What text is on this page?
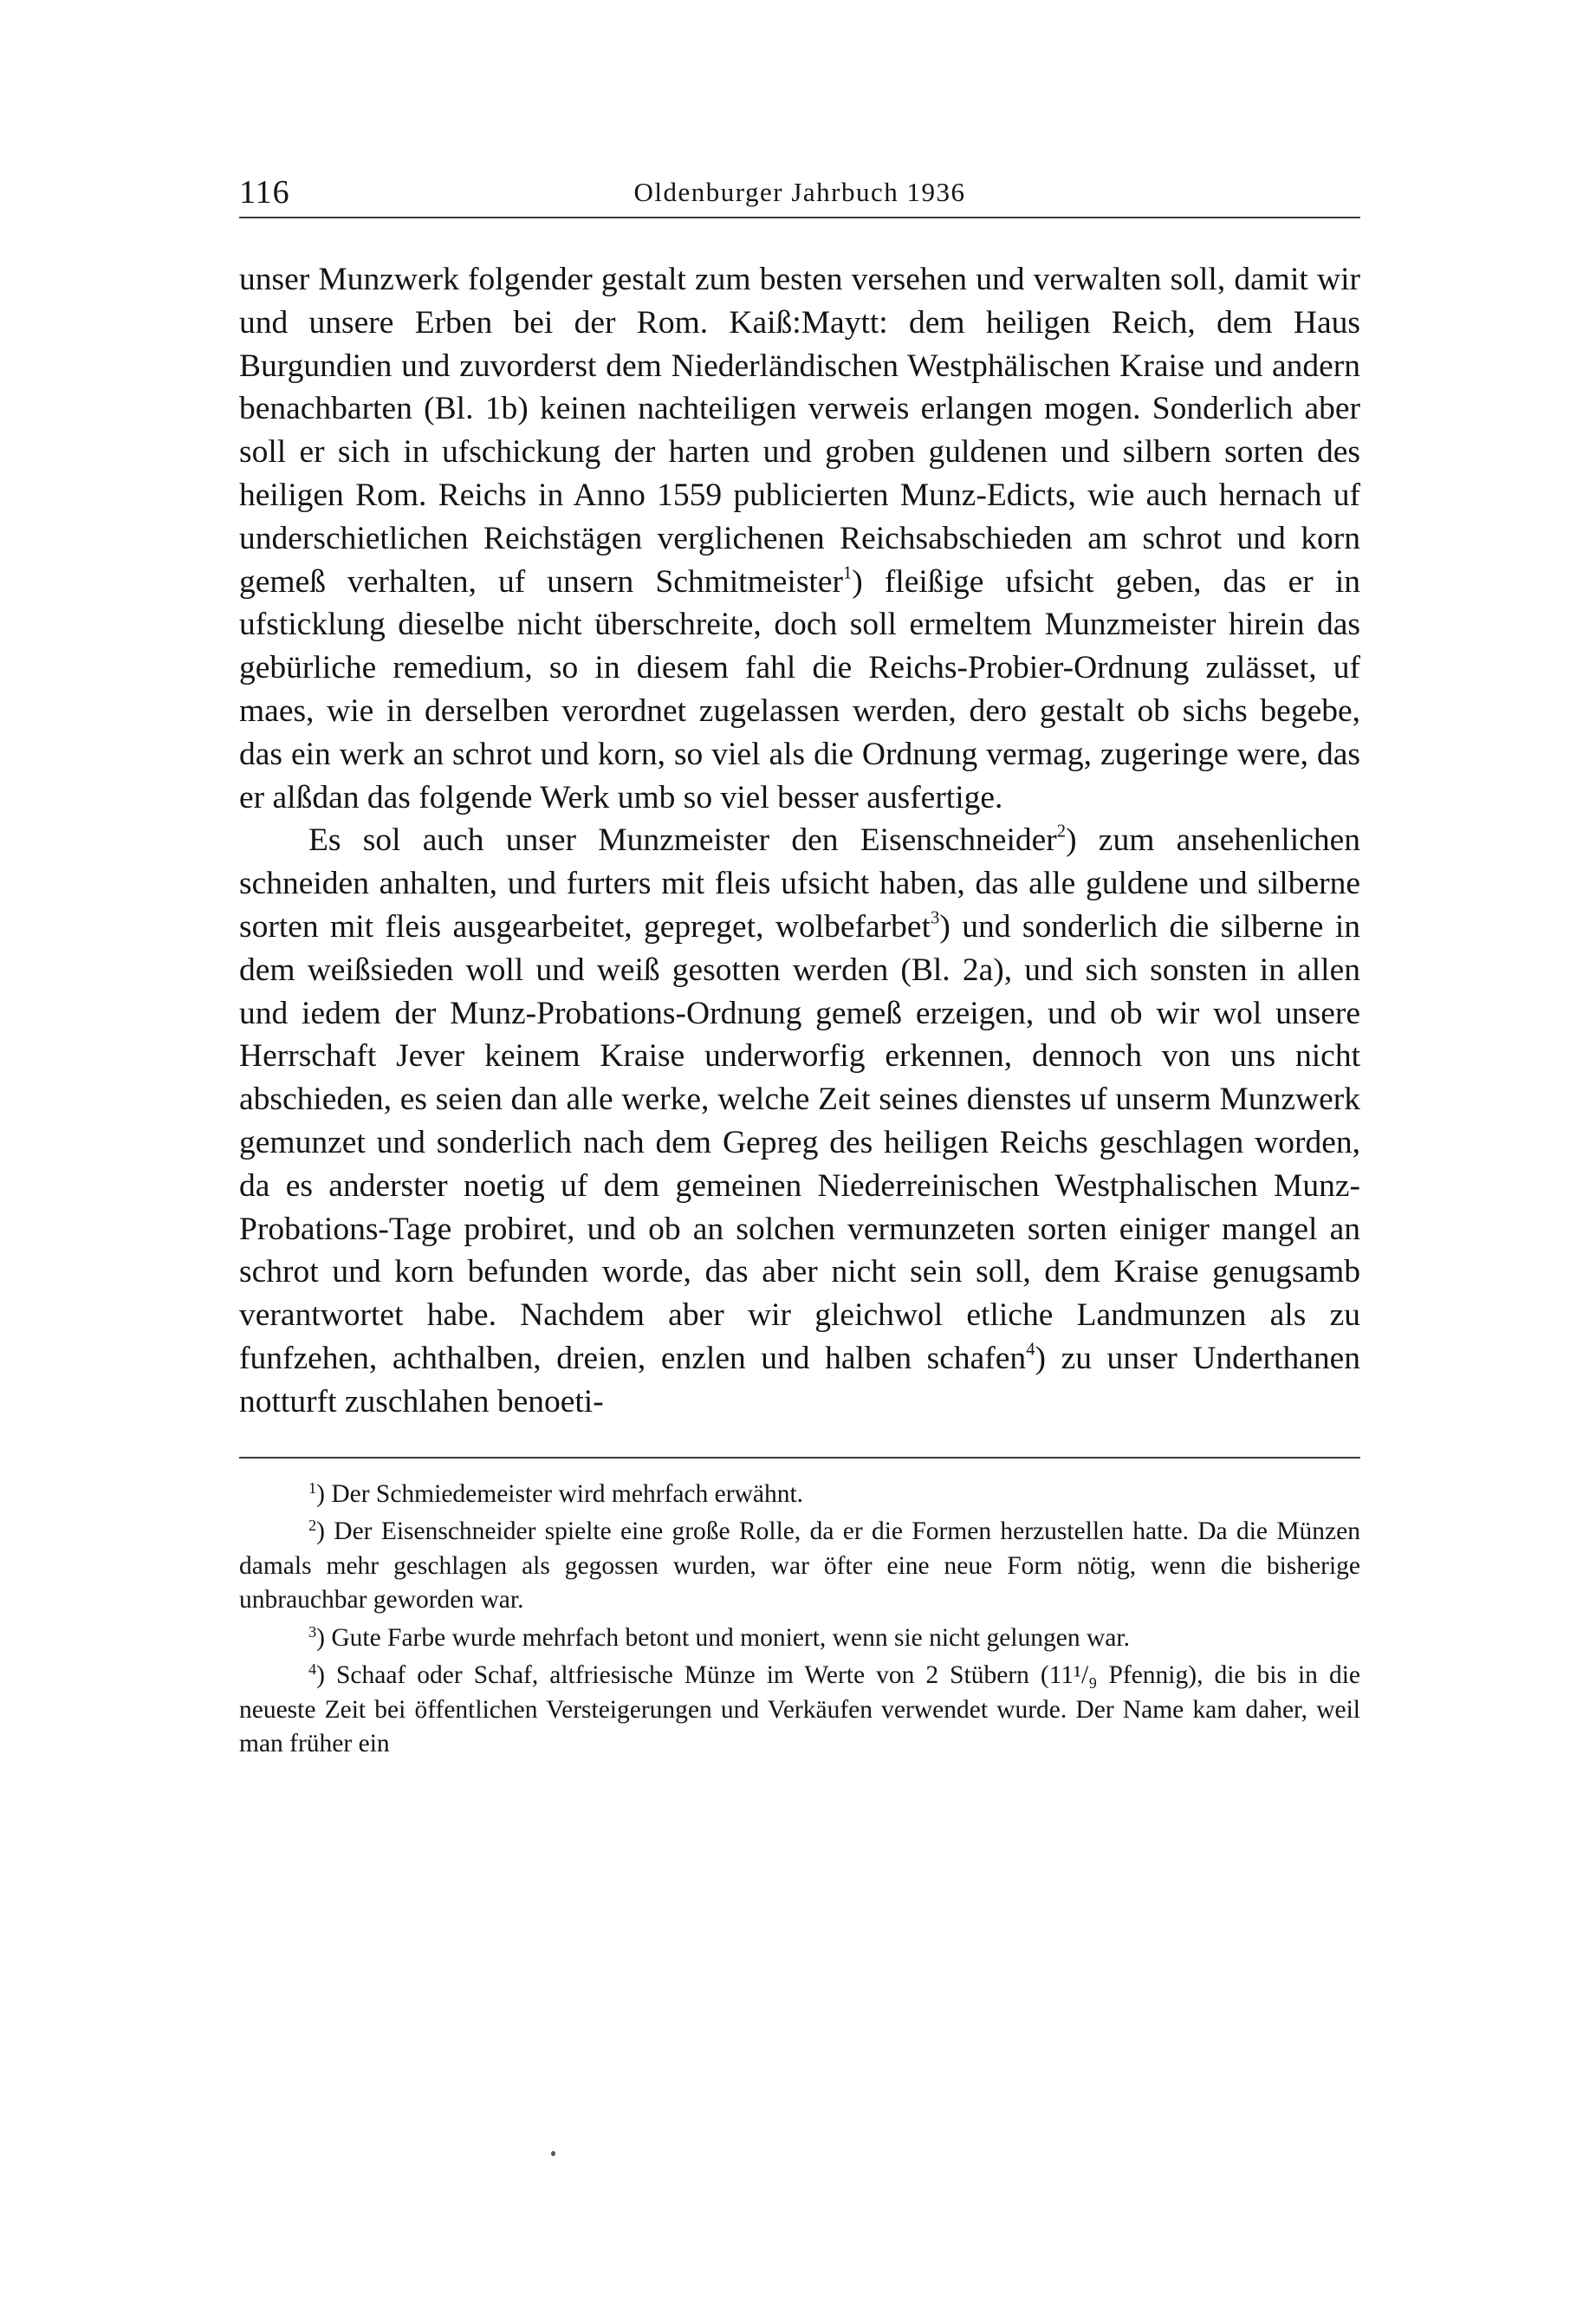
116	Oldenburger Jahrbuch 1936

unser Munzwerk folgender gestalt zum besten versehen und verwalten soll, damit wir und unsere Erben bei der Rom. Kaiß:Maytt: dem heiligen Reich, dem Haus Burgundien und zuvorderst dem Niederländischen Westphälischen Kraise und andern benachbarten (Bl. 1b) keinen nachteiligen verweis erlangen mogen. Sonderlich aber soll er sich in ufschickung der harten und groben guldenen und silbern sorten des heiligen Rom. Reichs in Anno 1559 publicierten Munz-Edicts, wie auch hernach uf underschietlichen Reichstägen verglichenen Reichsabschieden am schrot und korn gemeß verhalten, uf unsern Schmitmeister$^1$) fleißige ufsicht geben, das er in ufsticklung dieselbe nicht überschreite, doch soll ermeltem Munzmeister hirein das gebürliche remedium, so in diesem fahl die Reichs-Probier-Ordnung zulässet, uf maes, wie in derselben verordnet zugelassen werden, dero gestalt ob sichs begebe, das ein werk an schrot und korn, so viel als die Ordnung vermag, zugeringe were, das er alßdan das folgende Werk umb so viel besser ausfertige.

Es sol auch unser Munzmeister den Eisenschneider$^2$) zum ansehenlichen schneiden anhalten, und furters mit fleis ufsicht haben, das alle guldene und silberne sorten mit fleis ausgearbeitet, gepreget, wolbefarbet$^3$) und sonderlich die silberne in dem weißsieden woll und weiß gesotten werden (Bl. 2a), und sich sonsten in allen und iedem der Munz-Probations-Ordnung gemeß erzeigen, und ob wir wol unsere Herrschaft Jever keinem Kraise underworfig erkennen, dennoch von uns nicht abschieden, es seien dan alle werke, welche Zeit seines dienstes uf unserm Munzwerk gemunzet und sonderlich nach dem Gepreg des heiligen Reichs geschlagen worden, da es anderster noetig uf dem gemeinen Niederreinischen Westphalischen Munz-Probations-Tage probiret, und ob an solchen vermunzeten sorten einiger mangel an schrot und korn befunden worde, das aber nicht sein soll, dem Kraise genugsamb verantwortet habe. Nachdem aber wir gleichwol etliche Landmunzen als zu funfzehen, achthalben, dreien, enzlen und halben schafen$^4$) zu unser Underthanen notturft zuschlahen benoeti-

$^1$) Der Schmiedemeister wird mehrfach erwähnt.

$^2$) Der Eisenschneider spielte eine große Rolle, da er die Formen herzustellen hatte. Da die Münzen damals mehr geschlagen als gegossen wurden, war öfter eine neue Form nötig, wenn die bisherige unbrauchbar geworden war.

$^3$) Gute Farbe wurde mehrfach betont und moniert, wenn sie nicht gelungen war.

$^4$) Schaaf oder Schaf, altfriesische Münze im Werte von 2 Stübern (11¹/₉ Pfennig), die bis in die neueste Zeit bei öffentlichen Versteigerungen und Verkäufen verwendet wurde. Der Name kam daher, weil man früher ein
